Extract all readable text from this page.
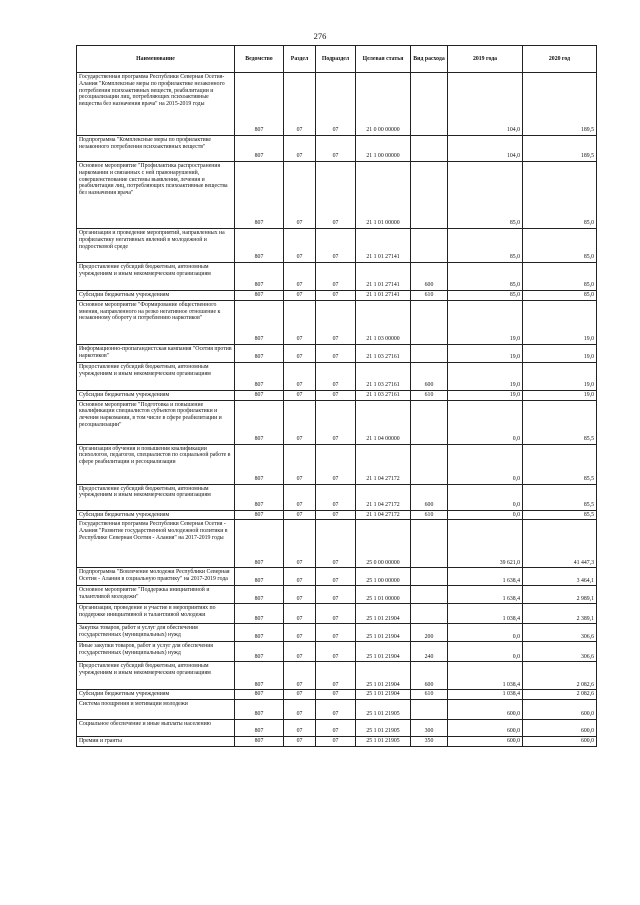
276
Наименование	Ведомство	Раздел	Подраздел	Целевая статья	Вид расхода	2019 года	2020 год
Государственная программа Республики Северная Осетия-Алания "Комплексные меры по профилактике незаконного потребления психоактивных веществ, реабилитации и ресоциализации лиц, потребляющих психоактивные вещества без назначения врача" на 2015-2019 годы	807	07	07	21 0 00 00000		104,0	189,5
Подпрограмма "Комплексные меры по профилактике незаконного потребления психоактивных веществ"	807	07	07	21 1 00 00000		104,0	189,5
Основное мероприятие "Профилактика распространения наркомании и связанных с ней правонарушений, совершенствование системы выявления, лечения и реабилитации лиц, потребляющих психоактивные вещества без назначения врача"	807	07	07	21 1 01 00000		85,0	85,0
Организация и проведение мероприятий, направленных на профилактику негативных явлений в молодежной и подростковой среде	807	07	07	21 1 01 27141		85,0	85,0
Предоставление субсидий бюджетным, автономным учреждениям и иным некоммерческим организациям	807	07	07	21 1 01 27141	600	85,0	85,0
Субсидии бюджетным учреждениям	807	07	07	21 1 01 27141	610	85,0	85,0
Основное мероприятие "Формирование общественного мнения, направленного на резко негативное отношение к незаконному обороту и потреблению наркотиков"	807	07	07	21 1 03 00000		19,0	19,0
Информационно-пропагандистская кампания "Осетия против наркотиков"	807	07	07	21 1 03 27161		19,0	19,0
Предоставление субсидий бюджетным, автономным учреждениям и иным некоммерческим организациям	807	07	07	21 1 03 27161	600	19,0	19,0
Субсидии бюджетным учреждениям	807	07	07	21 1 03 27161	610	19,0	19,0
Основное мероприятие "Подготовка и повышение квалификации специалистов субъектов профилактики и лечения наркомании, в том числе в сфере реабилитации и ресоциализации"	807	07	07	21 1 04 00000		0,0	85,5
Организация обучения и повышения квалификации психологов, педагогов, специалистов по социальной работе в сфере реабилитации и ресоциализации	807	07	07	21 1 04 27172		0,0	85,5
Предоставление субсидий бюджетным, автономным учреждениям и иным некоммерческим организациям	807	07	07	21 1 04 27172	600	0,0	85,5
Субсидии бюджетным учреждениям	807	07	07	21 1 04 27172	610	0,0	85,5
Государственная программа Республики Северная Осетия - Алания "Развитие государственной молодежной политики в Республике Северная Осетия - Алания" на 2017-2019 годы	807	07	07	25 0 00 00000		39 621,0	41 447,3
Подпрограмма "Вовлечение молодежи Республики Северная Осетия - Алания в социальную практику" на 2017-2019 года	807	07	07	25 1 00 00000		1 638,4	3 464,1
Основное мероприятие "Поддержка инициативной и талантливой молодежи"	807	07	07	25 1 01 00000		1 638,4	2 989,1
Организация, проведение и участие в мероприятиях по поддержке инициативной и талантливой молодежи	807	07	07	25 1 01 21904		1 038,4	2 389,1
Закупка товаров, работ и услуг для обеспечения государственных (муниципальных) нужд	807	07	07	25 1 01 21904	200	0,0	306,6
Иные закупки товаров, работ и услуг для обеспечения государственных (муниципальных) нужд	807	07	07	25 1 01 21904	240	0,0	306,6
Предоставление субсидий бюджетным, автономным учреждениям и иным некоммерческим организациям	807	07	07	25 1 01 21904	600	1 038,4	2 082,6
Субсидии бюджетным учреждениям	807	07	07	25 1 01 21904	610	1 038,4	2 082,6
Система поощрения и мотивации молодежи	807	07	07	25 1 01 21905		600,0	600,0
Социальное обеспечение и иные выплаты населению	807	07	07	25 1 01 21905	300	600,0	600,0
Премии и гранты	807	07	07	25 1 01 21905	350	600,0	600,0
